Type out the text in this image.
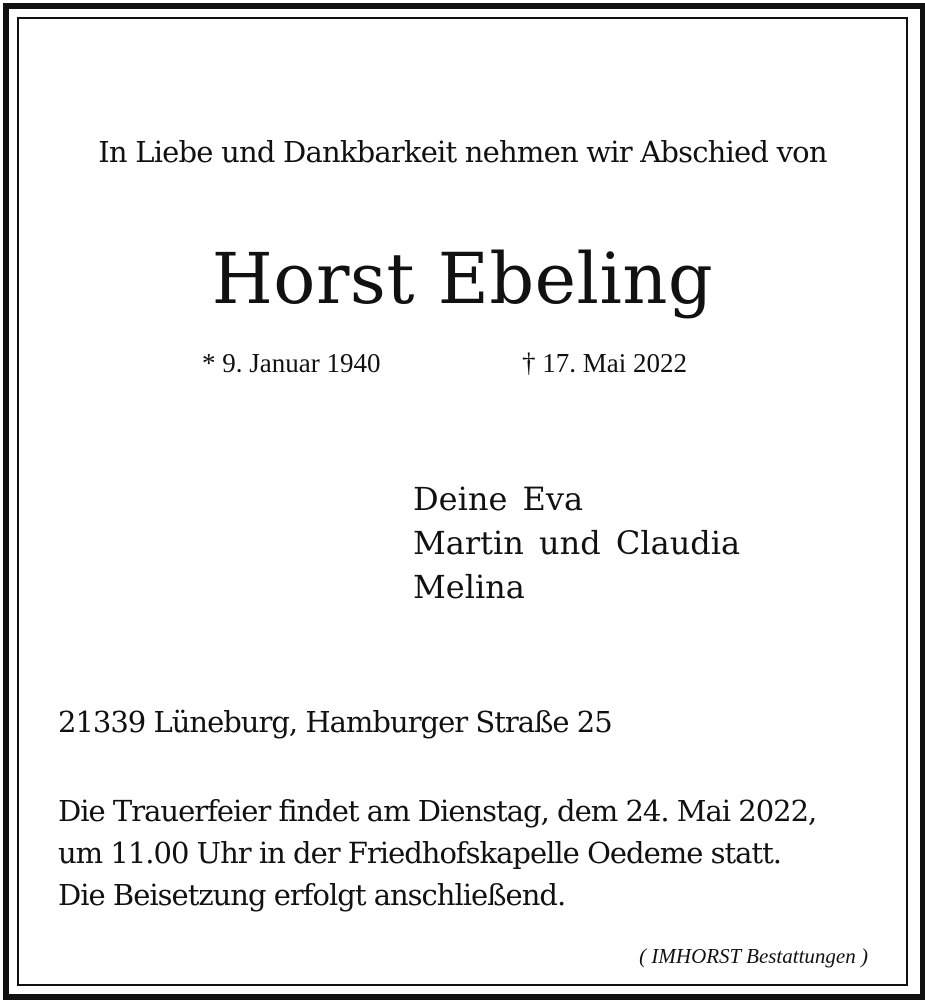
In Liebe und Dankbarkeit nehmen wir Abschied von
Horst Ebeling
* 9. Januar 1940	† 17. Mai 2022
Deine Eva
Martin und Claudia
Melina
21339 Lüneburg, Hamburger Straße 25
Die Trauerfeier findet am Dienstag, dem 24. Mai 2022,
um 11.00 Uhr in der Friedhofskapelle Oedeme statt.
Die Beisetzung erfolgt anschließend.
( IMHORST Bestattungen )
